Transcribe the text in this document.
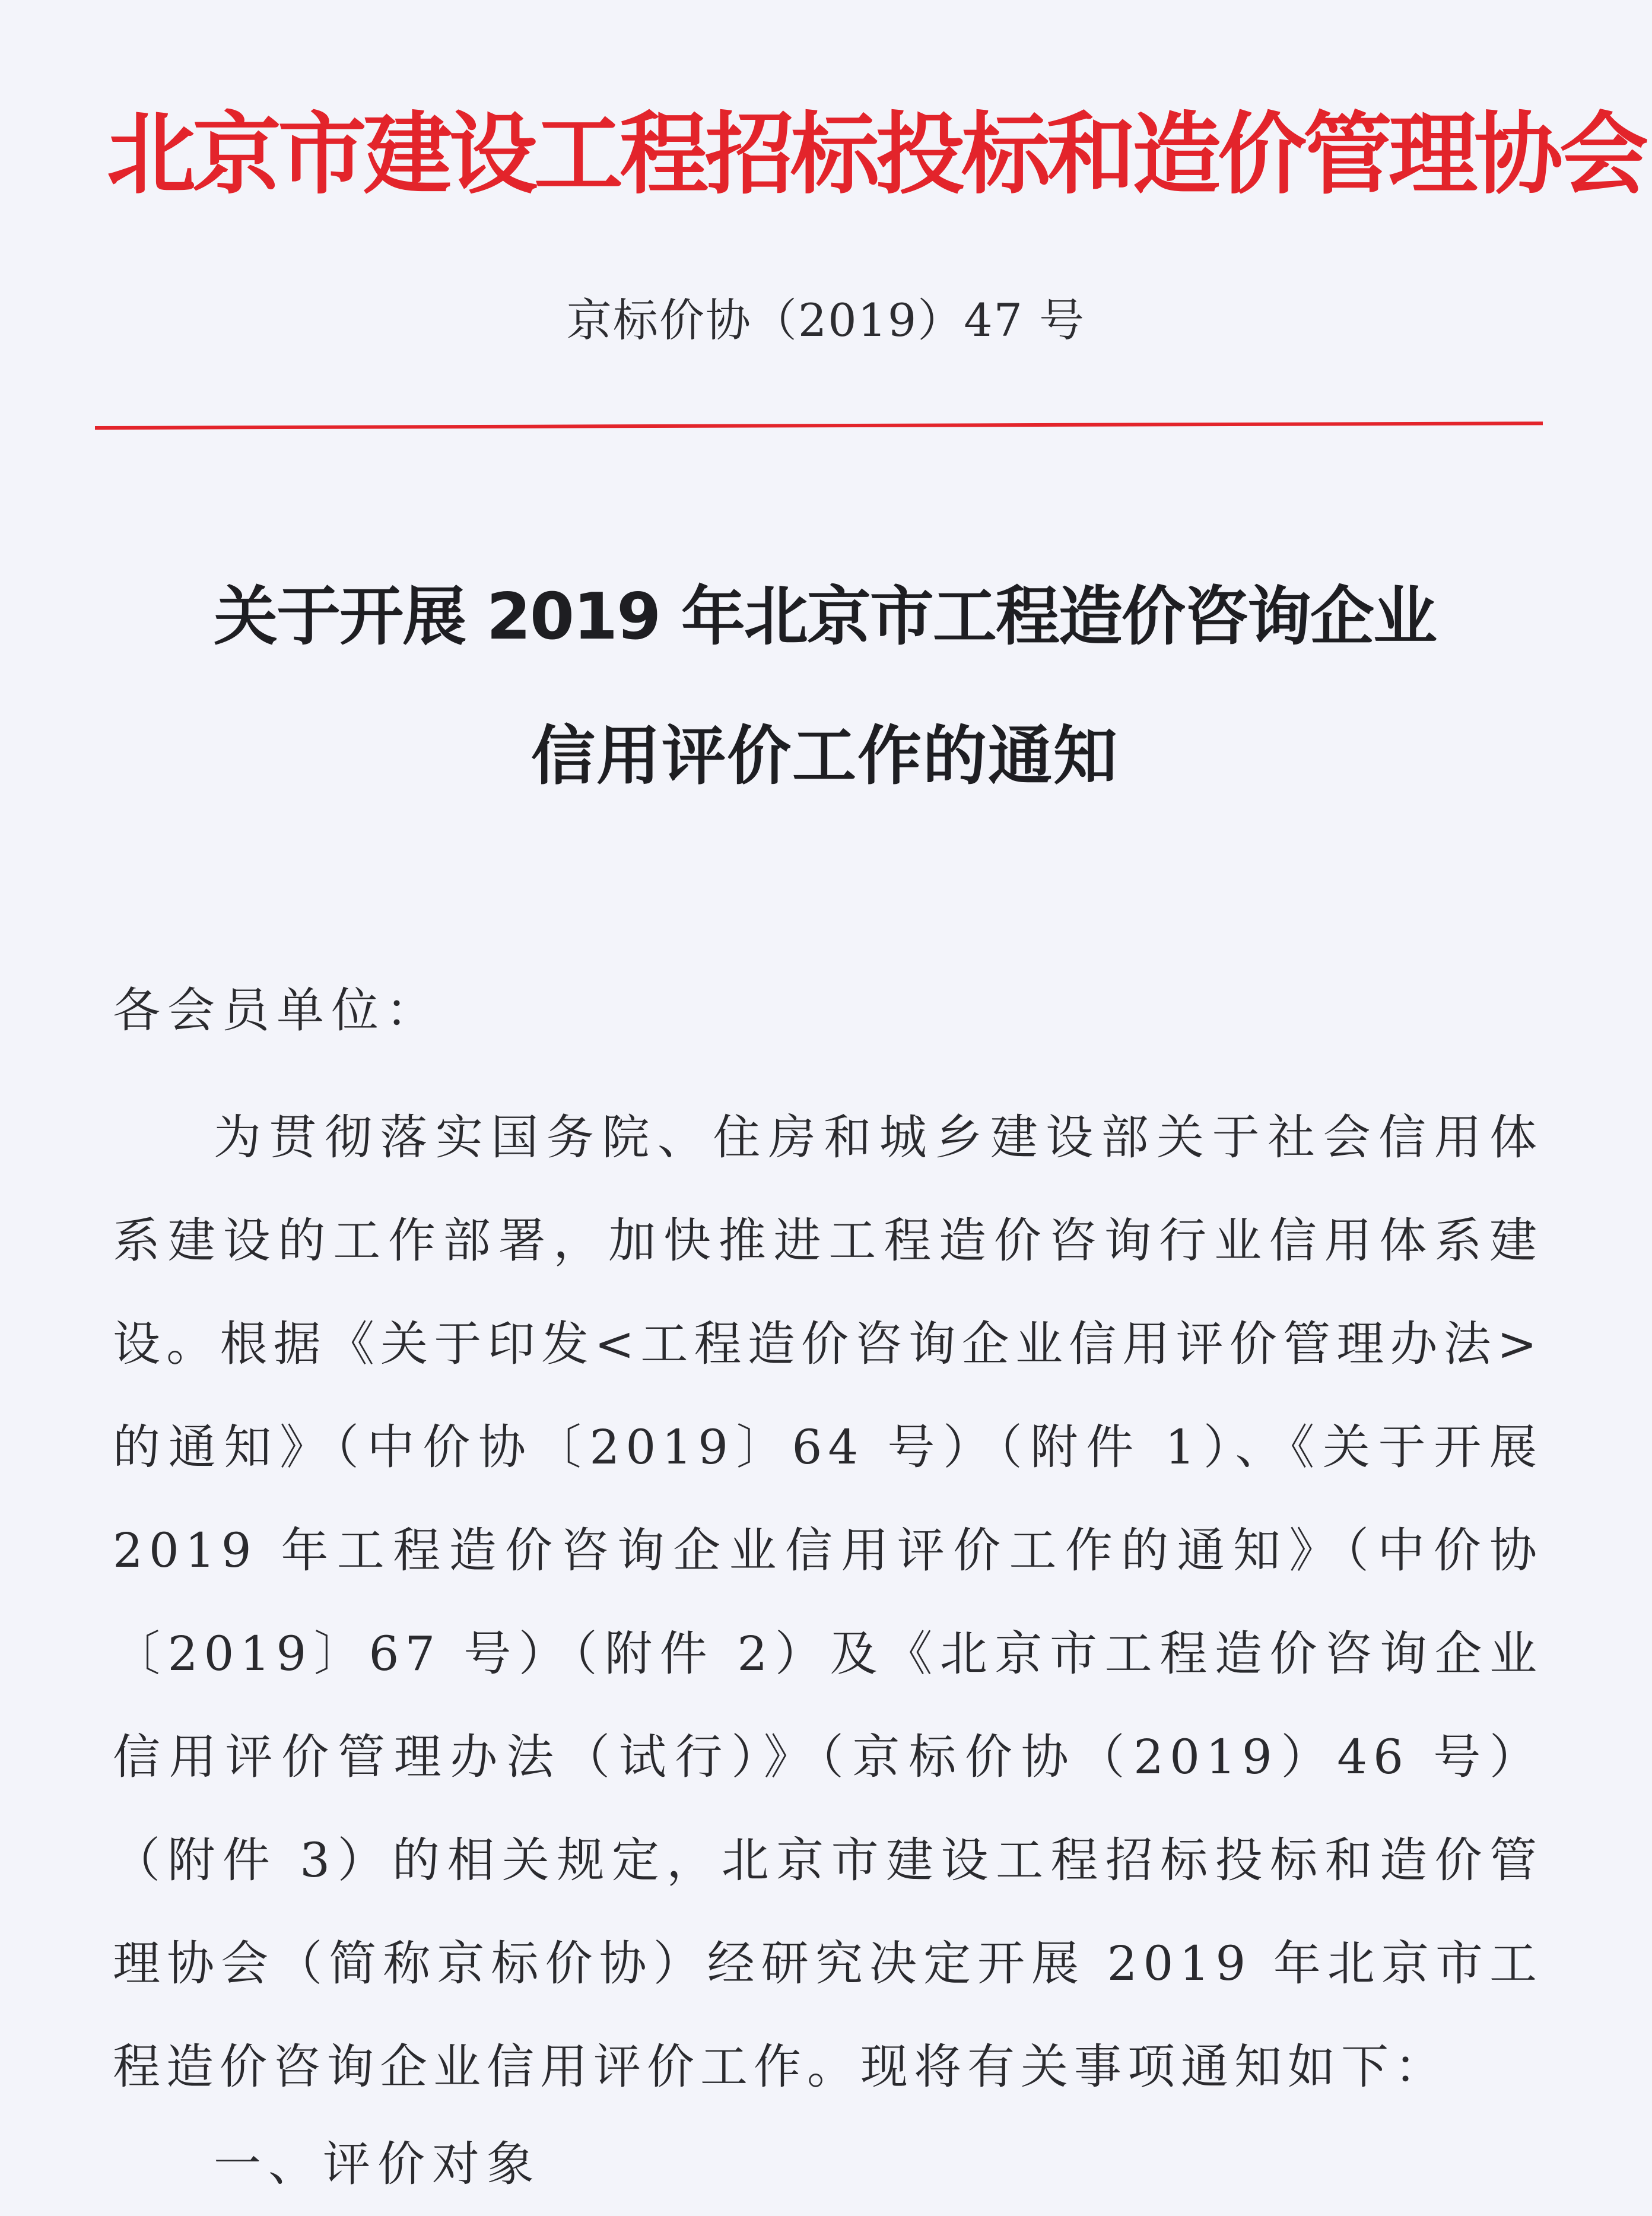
北京市建设工程招标投标和造价管理协会
京标价协（2019）47 号
关于开展 2019 年北京市工程造价咨询企业
信用评价工作的通知
各会员单位：
为贯彻落实国务院、住房和城乡建设部关于社会信用体系建设的工作部署，加快推进工程造价咨询行业信用体系建设。根据《关于印发<工程造价咨询企业信用评价管理办法>的通知》（中价协〔2019〕64 号）（附件 1）、《关于开展 2019 年工程造价咨询企业信用评价工作的通知》（中价协〔2019〕67 号）（附件 2）及《北京市工程造价咨询企业信用评价管理办法（试行）》（京标价协（2019）46 号）（附件 3）的相关规定，北京市建设工程招标投标和造价管理协会（简称京标价协）经研究决定开展 2019 年北京市工程造价咨询企业信用评价工作。现将有关事项通知如下：
一、评价对象
